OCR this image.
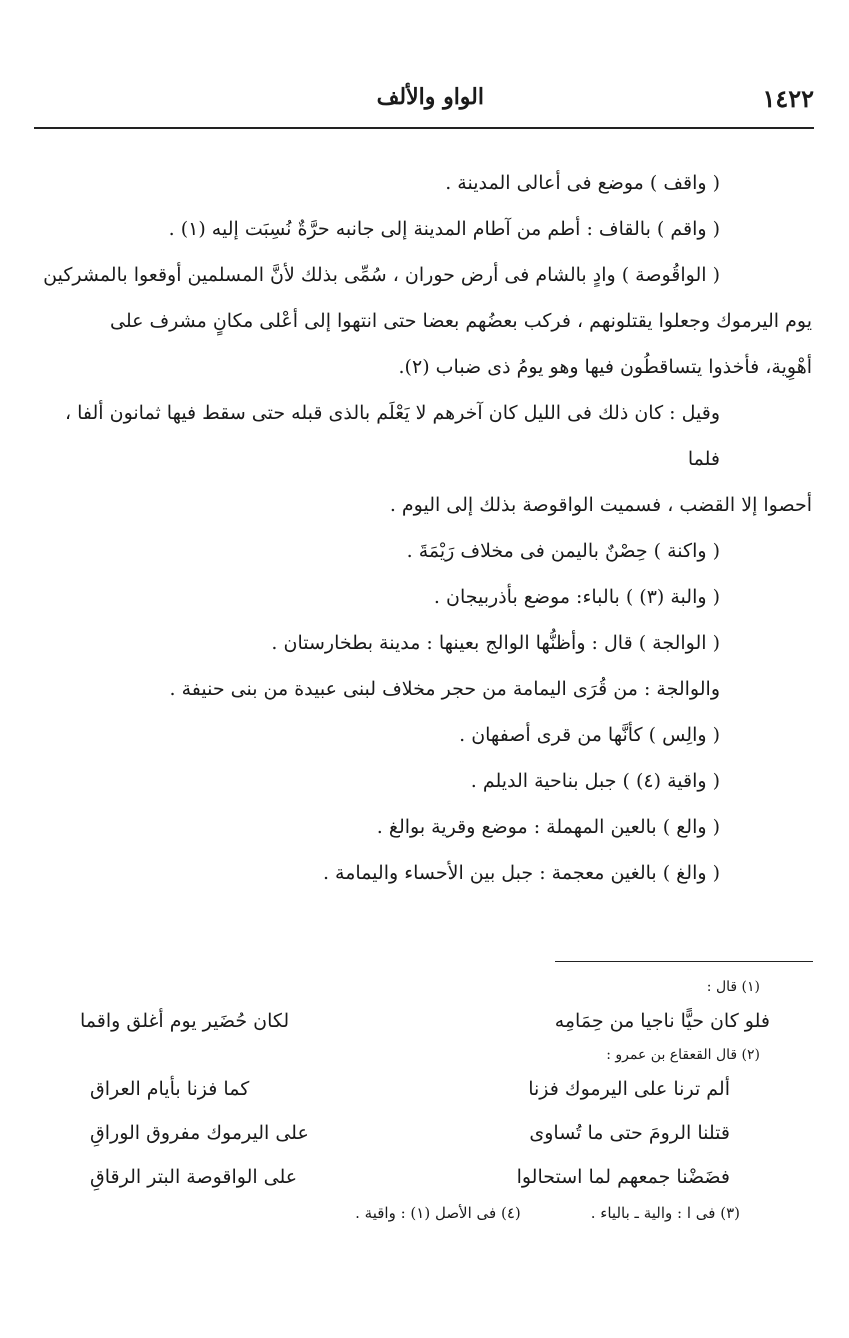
١٤٢٢
الواو والألف

( واقف ) موضع فى أعالى المدينة .

( واقم ) بالقاف : أطم من آطام المدينة إلى جانبه حرَّةٌ نُسِبَت إليه (١) .

( الواقُوصة ) وادٍ بالشام فى أرض حوران ، سُمِّى بذلك لأنَّ المسلمين أوقعوا بالمشركين

يوم اليرموك وجعلوا يقتلونهم ، فركب بعضُهم بعضا حتى انتهوا إلى أعْلى مكانٍ مشرف على

أهْوِية، فأخذوا يتساقطُون فيها وهو يومُ ذى ضباب (٢).

وقيل : كان ذلك فى الليل كان آخرهم لا يَعْلَم بالذى قبله حتى سقط فيها ثمانون ألفا ، فلما

أحصوا إلا القضب ، فسميت الواقوصة بذلك إلى اليوم .

( واكنة ) حِصْنٌ باليمن فى مخلاف رَيْمَةَ .

( والبة (٣) ) بالباء: موضع بأذربيجان .

( الوالجة ) قال : وأظنُّها الوالج بعينها : مدينة بطخارستان .

والوالجة : من قُرَى اليمامة من حجر مخلاف لبنى عبيدة من بنى حنيفة .

( والِس ) كأنَّها من قرى أصفهان .

( واقية (٤) ) جبل بناحية الديلم .

( والع ) بالعين المهملة : موضع وقرية بوالغ .

( والغ ) بالغين معجمة : جبل بين الأحساء واليمامة .

(١) قال :

فلو كان حيًّا ناجيا من حِمَامِه
لكان حُضَير يوم أغلق واقما

(٢) قال القعقاع بن عمرو :

ألم ترنا على اليرموك فزنا
كما فزنا بأيام العراق
قتلنا الرومَ حتى ما تُساوى
على اليرموك مفروق الوراقِ
فضَضْنا جمعهم لما استحالوا
على الواقوصة البتر الرقاقِ
(٣) فى ا : والية ـ بالياء .
(٤) فى الأصل (١) : واقية .
